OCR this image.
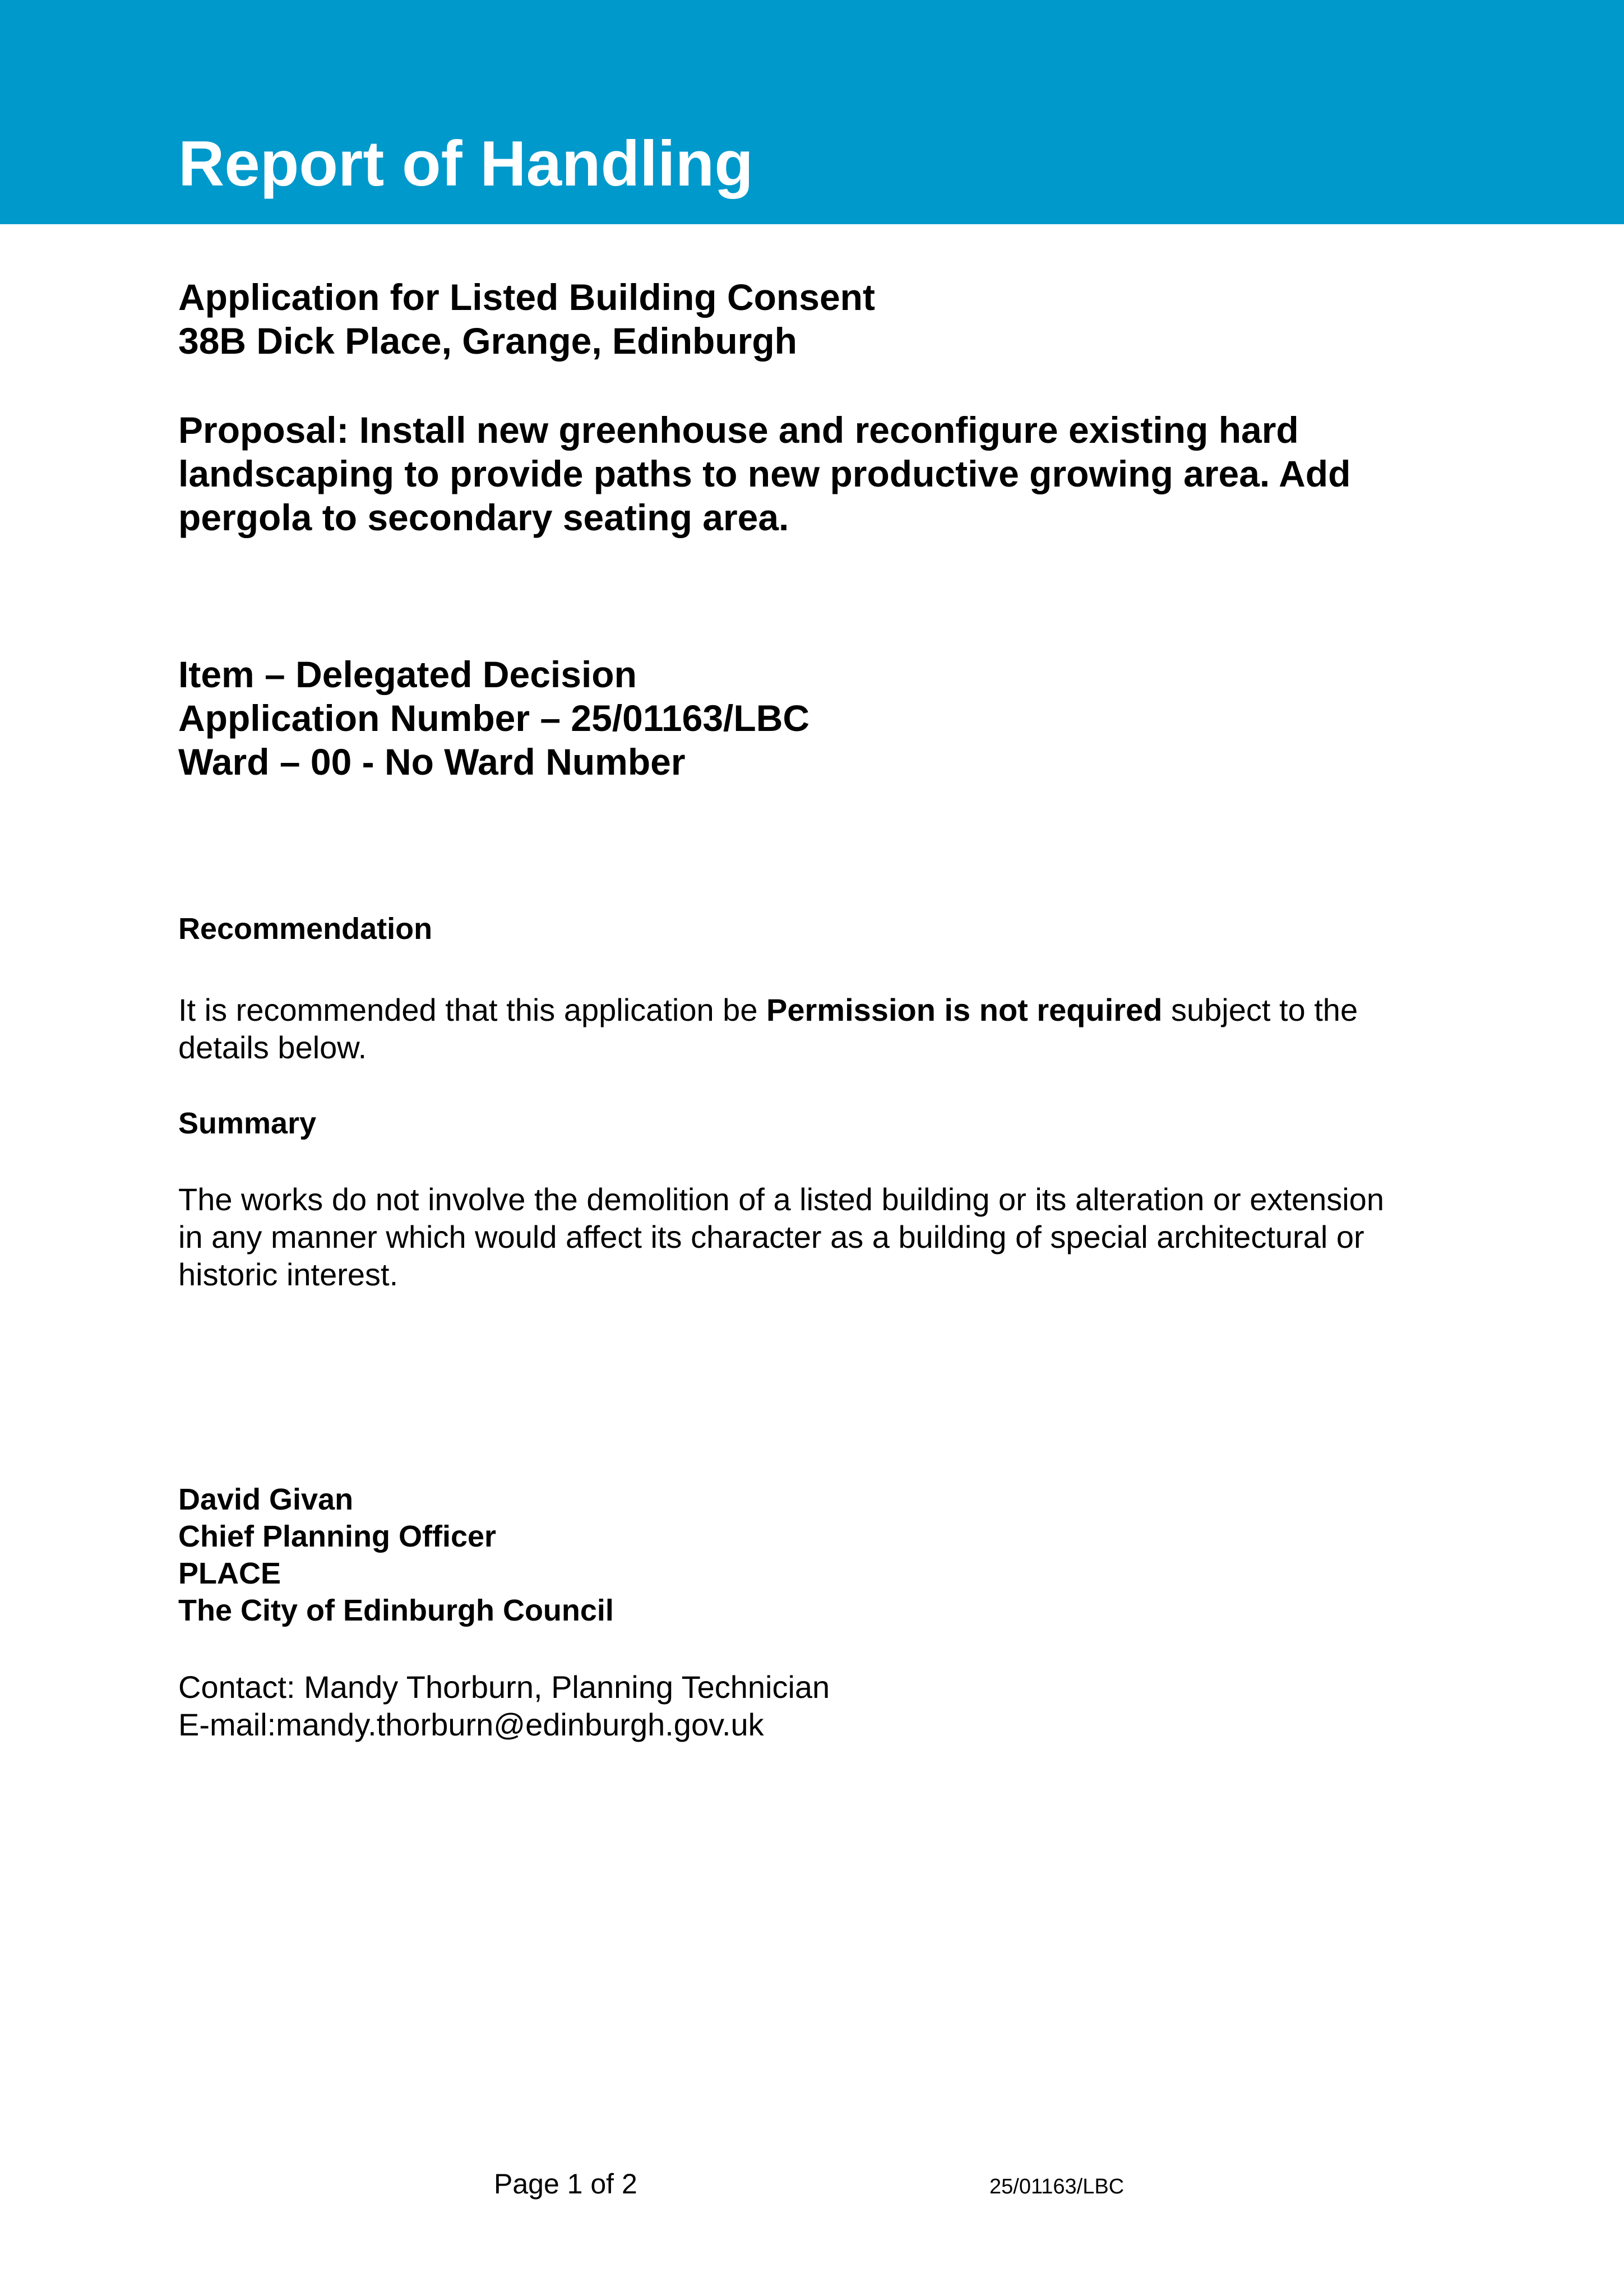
Report of Handling
Application for Listed Building Consent
38B Dick Place, Grange, Edinburgh
Proposal: Install new greenhouse and reconfigure existing hard
landscaping to provide paths to new productive growing area. Add
pergola to secondary seating area.
Item – Delegated Decision
Application Number – 25/01163/LBC
Ward – 00 - No Ward Number
Recommendation
It is recommended that this application be Permission is not required subject to the
details below.
Summary
The works do not involve the demolition of a listed building or its alteration or extension
in any manner which would affect its character as a building of special architectural or
historic interest.
David Givan
Chief Planning Officer
PLACE
The City of Edinburgh Council
Contact: Mandy Thorburn, Planning Technician
E-mail:mandy.thorburn@edinburgh.gov.uk
Page 1 of 2	25/01163/LBC
